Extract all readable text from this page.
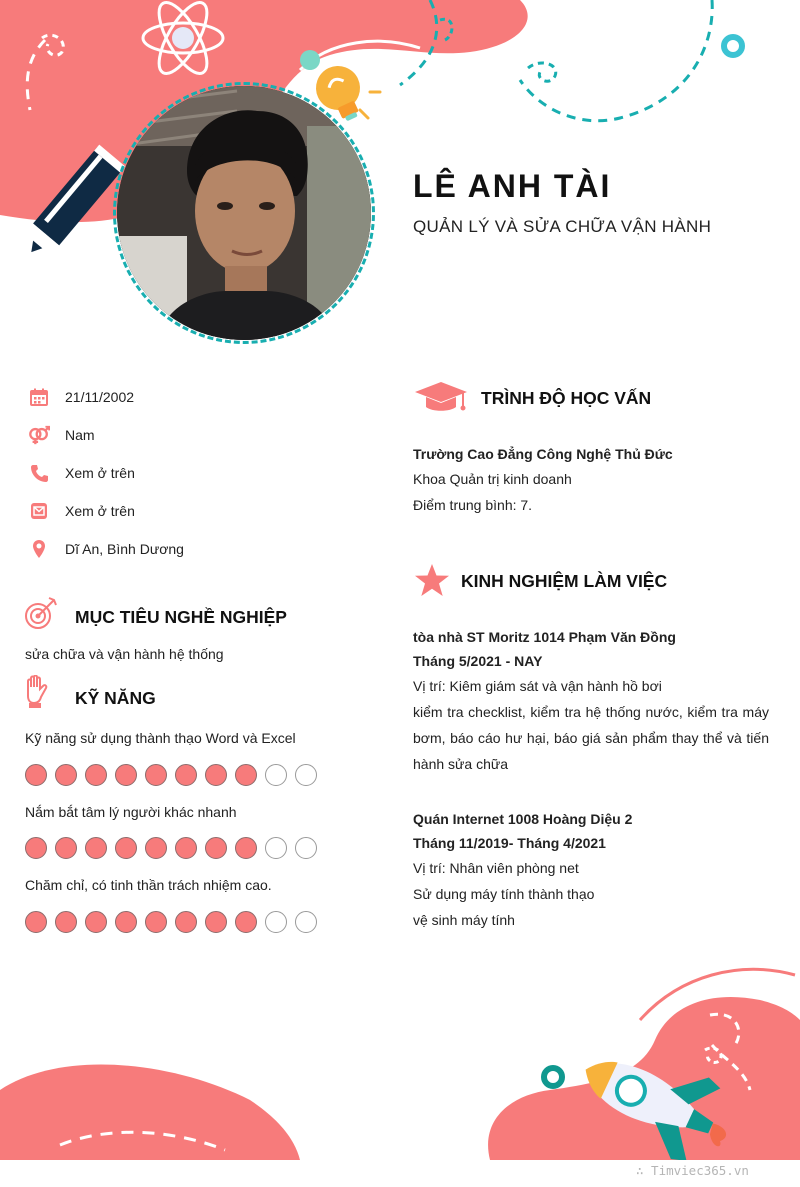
LÊ ANH TÀI
QUẢN LÝ VÀ SỬA CHỮA VẬN HÀNH
21/11/2002
Nam
Xem ở trên
Xem ở trên
Dĩ An, Bình Dương
MỤC TIÊU NGHỀ NGHIỆP
sửa chữa và vận hành hệ thống
KỸ NĂNG
Kỹ năng sử dụng thành thạo Word và Excel
Nắm bắt tâm lý người khác nhanh
Chăm chỉ, có tinh thần trách nhiệm cao.
TRÌNH ĐỘ HỌC VẤN
Trường Cao Đẳng Công Nghệ Thủ Đức
Khoa Quản trị kinh doanh
Điểm trung bình: 7.
KINH NGHIỆM LÀM VIỆC
tòa nhà ST Moritz 1014 Phạm Văn Đồng
Tháng 5/2021 - NAY
Vị trí: Kiêm giám sát và vận hành hồ bơi
kiểm tra checklist, kiểm tra hệ thống nước, kiểm tra máy bơm, báo cáo hư hại, báo giá sản phẩm thay thể và tiến hành sửa chữa
Quán Internet 1008 Hoàng Diệu 2
Tháng 11/2019- Tháng 4/2021
Vị trí: Nhân viên phòng net
Sử dụng máy tính thành thạo
vệ sinh máy tính
∴ Timviec365.vn
